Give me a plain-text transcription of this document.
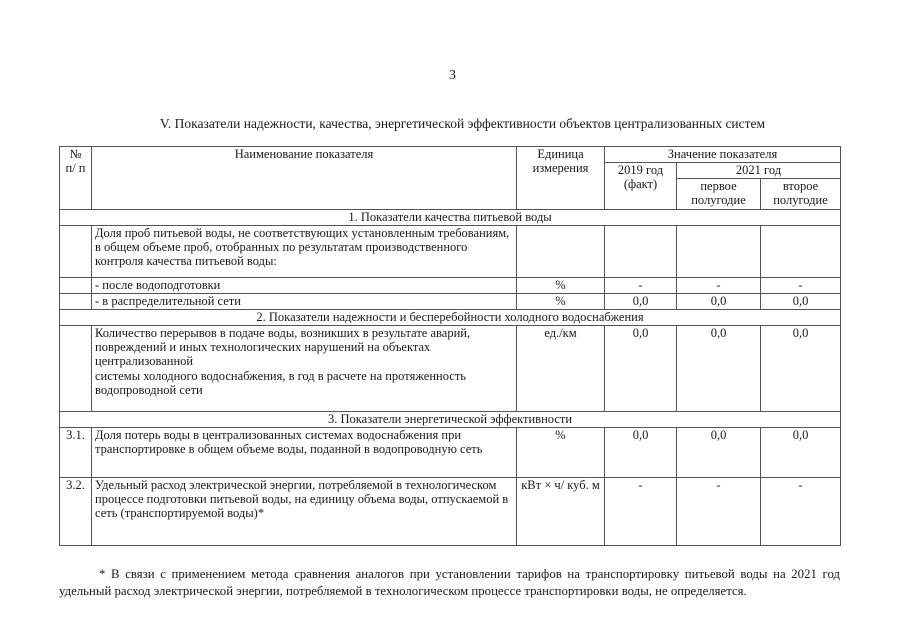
3
V. Показатели надежности, качества, энергетической эффективности объектов централизованных систем
№ п/ п	Наименование показателя	Единица измерения	Значение показателя		
			2019 год (факт)	2021 год	
				первое полугодие	второе полугодие
1. Показатели качества питьевой воды					
	Доля проб питьевой воды, не соответствующих установленным требованиям, в общем объеме проб, отобранных по результатам производственного контроля качества питьевой воды:				
	- после водоподготовки	%	-	-	-
	- в распределительной сети	%	0,0	0,0	0,0
2. Показатели надежности и бесперебойности холодного водоснабжения					

	Количество перерывов в подаче воды, возникших в результате аварий, повреждений и иных технологических нарушений на объектах централизованной
системы холодного водоснабжения, в год в расчете на протяженность водопроводной сети	ед./км	0,0	0,0	0,0
3. Показатели энергетической эффективности					
3.1.	Доля потерь воды в централизованных системах водоснабжения при транспортировке в общем объеме воды, поданной в водопроводную сеть	%	0,0	0,0	0,0
3.2.	Удельный расход электрической энергии, потребляемой в технологическом процессе подготовки питьевой воды, на единицу объема воды, отпускаемой в сеть (транспортируемой воды)*	кВт × ч/ куб. м	-	-	-
* В связи с применением метода сравнения аналогов при установлении тарифов на транспортировку питьевой воды на 2021 год удельный расход электрической энергии, потребляемой в технологическом процессе транспортировки воды, не определяется.
